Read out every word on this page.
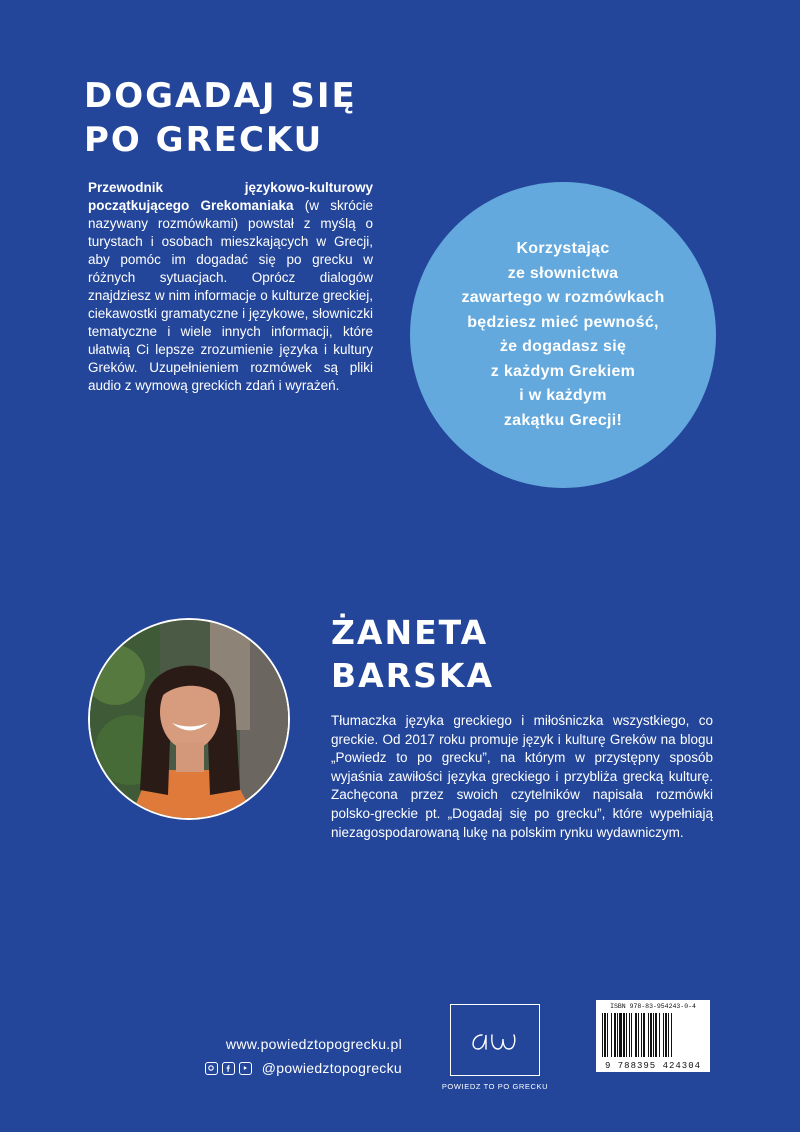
DOGADAJ SIĘ
PO GRECKU

Przewodnik językowo-kulturowy początkującego Grekomaniaka (w skrócie nazywany rozmówkami) powstał z myślą o turystach i osobach mieszkających w Grecji, aby pomóc im dogadać się po grecku w różnych sytuacjach. Oprócz dialogów znajdziesz w nim informacje o kulturze greckiej, ciekawostki gramatyczne i językowe, słowniczki tematyczne i wiele innych informacji, które ułatwią Ci lepsze zrozumienie języka i kultury Greków. Uzupełnieniem rozmówek są pliki audio z wymową greckich zdań i wyrażeń.

Korzystając
ze słownictwa
zawartego w rozmówkach
będziesz mieć pewność,
że dogadasz się
z każdym Grekiem
i w każdym
zakątku Grecji!
ŻANETA
BARSKA

Tłumaczka języka greckiego i miłośniczka wszystkiego, co greckie. Od 2017 roku promuje język i kulturę Greków na blogu „Powiedz to po grecku”, na którym w przystępny sposób wyjaśnia zawiłości języka greckiego i przybliża grecką kulturę. Zachęcona przez swoich czytelników napisała rozmówki polsko-greckie pt. „Dogadaj się po grecku”, które wypełniają niezagospodarowaną lukę na polskim rynku wydawniczym.

www.powiedztopogrecku.pl
@powiedztopogrecku
POWIEDZ TO PO GRECKU
ISBN 978-83-954243-0-4
9 788395 424304
